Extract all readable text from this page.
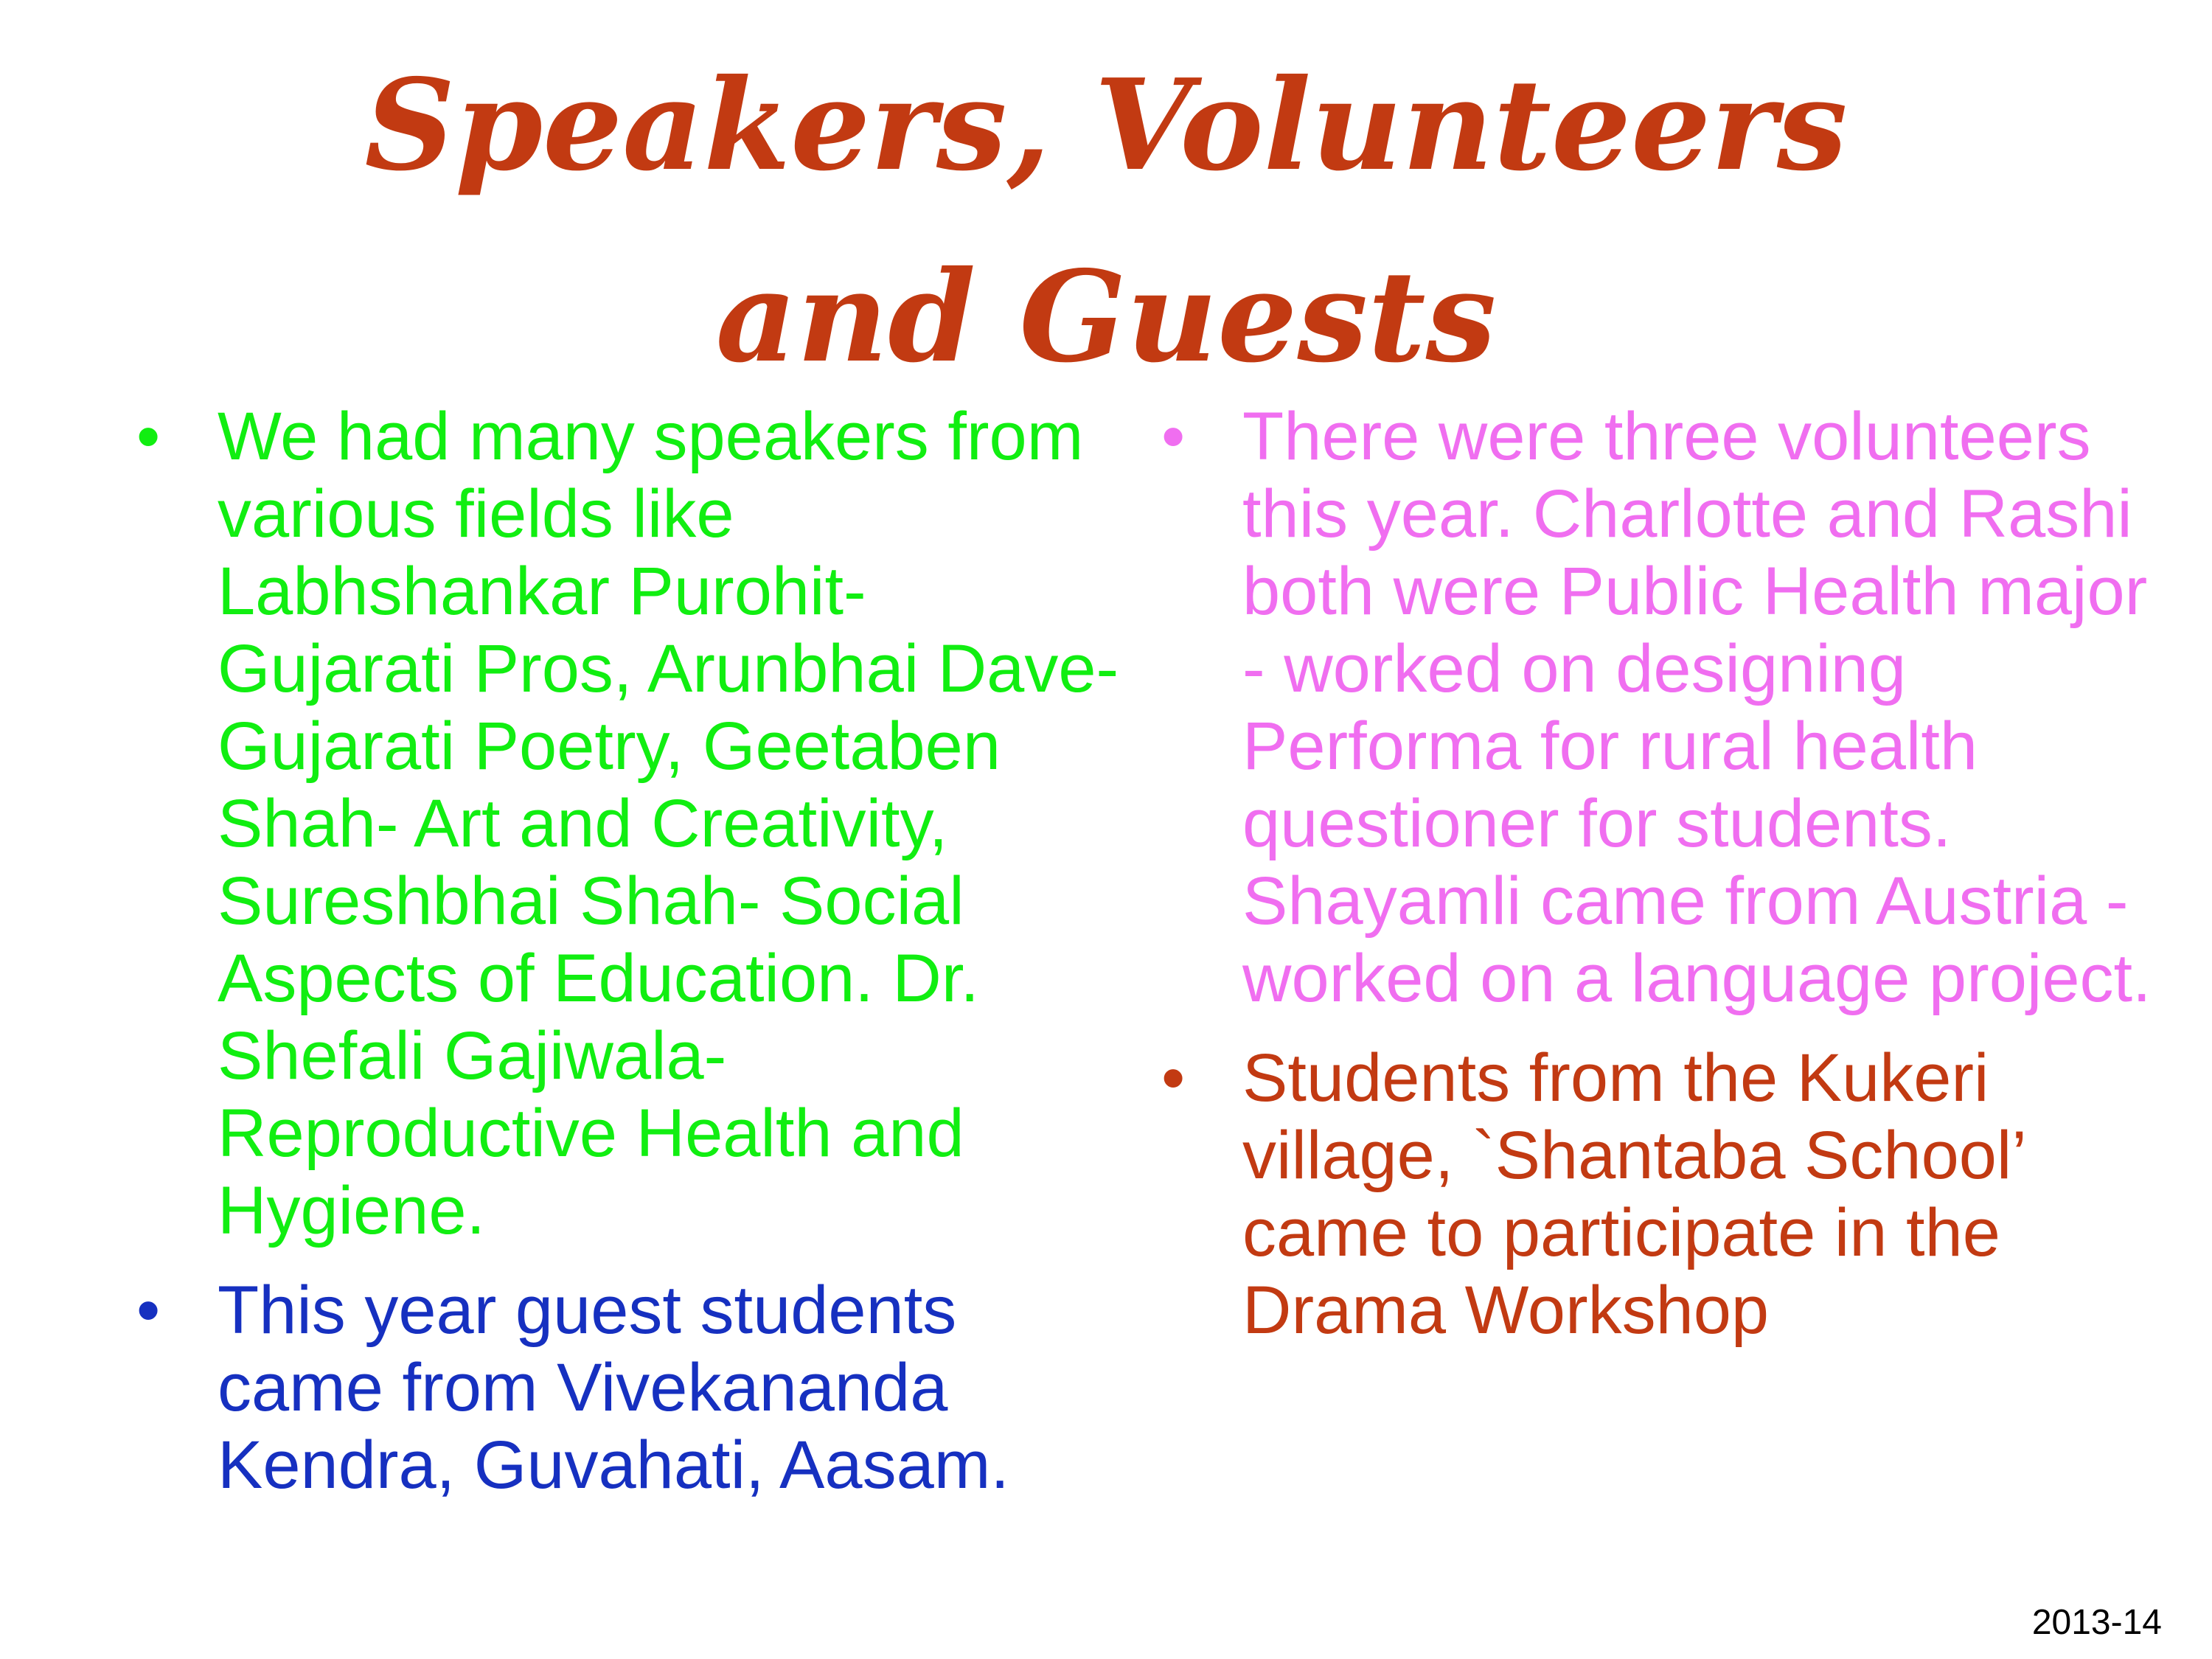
Speakers, Volunteers and Guests
• We had many speakers from various fields like Labhshankar Purohit- Gujarati Pros, Arunbhai Dave- Gujarati Poetry, Geetaben Shah- Art and Creativity, Sureshbhai Shah- Social Aspects of Education. Dr. Shefali Gajiwala- Reproductive Health and Hygiene.
• This year guest students came from Vivekananda Kendra, Guvahati, Aasam.
• There were three volunteers this year. Charlotte and Rashi both were Public Health major - worked on designing Performa for rural health questioner for students. Shayamli came from Austria - worked on a language project.
• Students from the Kukeri village, `Shantaba School’ came to participate in the Drama Workshop
2013-14
